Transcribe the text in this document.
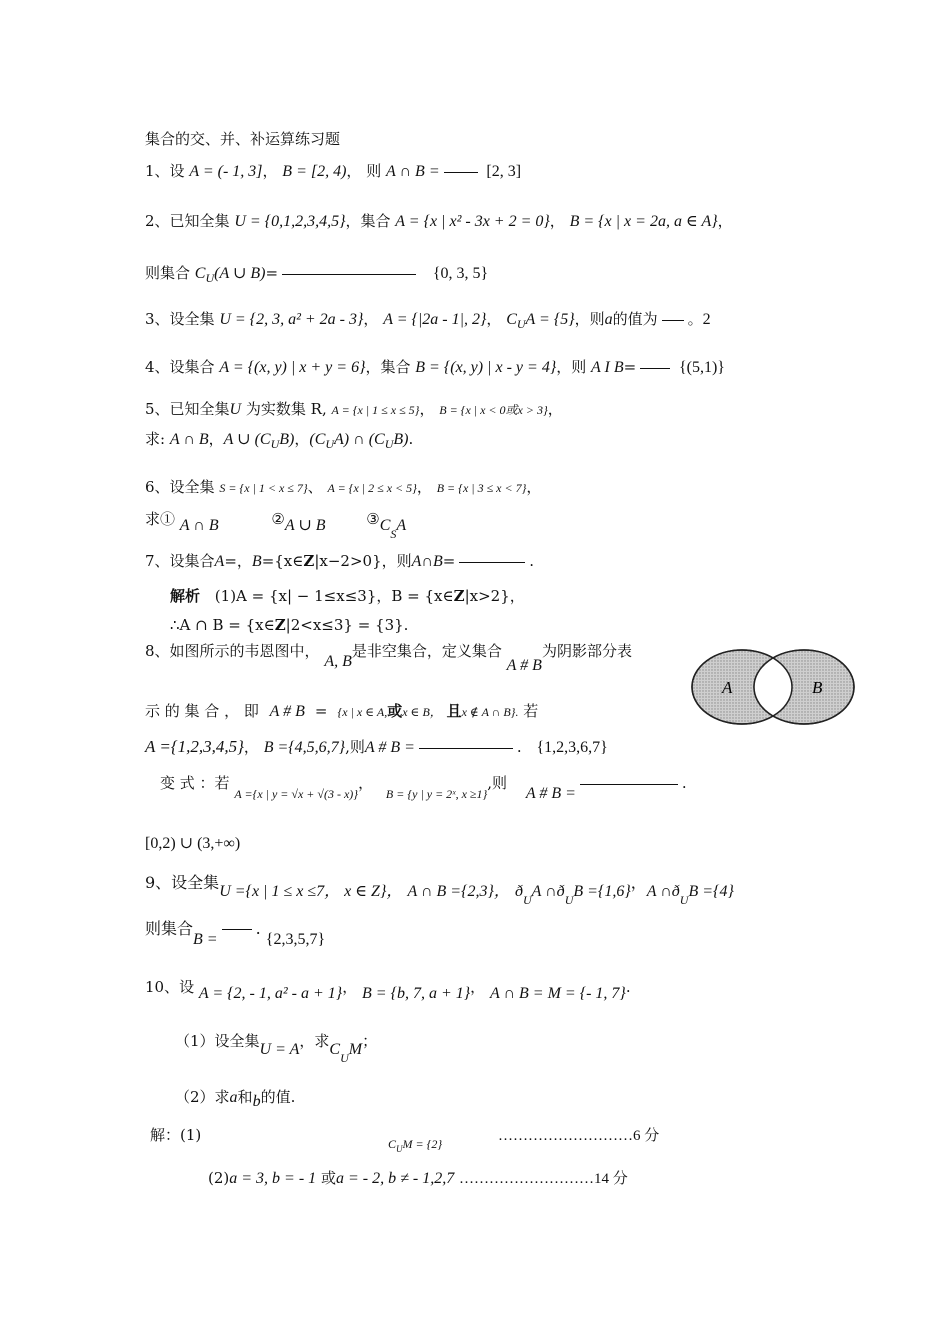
集合的交、并、补运算练习题
1、设 A = (- 1, 3]， B = [2, 4)， 则 A ∩ B =	[2, 3]
2、已知全集 U = {0,1,2,3,4,5}，集合 A = {x | x² - 3x + 2 = 0}， B = {x | x = 2a, a ∈ A}，
则集合 $C_U(A$ ∪ B)=	{0, 3, 5}
3、设全集 U = {2, 3, a² + 2a - 3}， A = {|2a - 1|, 2}， $C_UA = \{5\}$，则a的值为 。2
4、设集合 A = {(x, y) | x + y = 6}，集合 B = {(x, y) | x - y = 4}，则 A I B=	{(5,1)}
5、已知全集U 为实数集 R, A = {x | 1 ≤ x ≤ 5}， B = {x | x < 0或x > 3}，
求: A ∩ B，A ∪ $(C_UB)$，$(C_UA)$ ∩ $(C_UB)$.
6、设全集 S = {x | 1 < x ≤ 7}、 A = {x | 2 ≤ x < 5}， B = {x | 3 ≤ x < 7}，
求① A ∩ B	②A ∪ B	$③C_SA$
7、设集合A=，B={x∈Z|x−2>0}，则A∩B=	.
解析 (1)A = {x| − 1≤x≤3}，B = {x∈Z|x>2}，
∴A ∩ B = {x∈Z|2<x≤3} = {3}.
8、如图所示的韦恩图中， A, B是非空集合，定义集合 A # B为阴影部分表
A	B
示 的 集 合 ， 即 A # B = {x | x ∈ A,或x ∈ B， 且x ∉ A ∩ B}. 若
A ={1,2,3,4,5}， B ={4,5,6,7},则A # B =	. {1,2,3,6,7}
变 式 ：若 $_{A =\{x | y = √x + √(3 - x)\}}$， $_{B = \{y | y = 2ˣ, x \ge 1\}}$,则 A # B =.
[0,2) ∪ (3,+∞)
9、设全集U ={x | 1 ≤ x ≤7， x ∈ Z}， A ∩ B ={2,3}， $ð_UA$ $\cap ð_UB =\{1,6\}$，A $\cap ð_UB =\{4\}$
则集合B =. {2,3,5,7}
10、设 A = {2, - 1, a² - a + 1}， B = {b, 7, a + 1}， A ∩ B = M = {- 1, 7}.
（1）设全集U = A，求$C_UM$；
（2）求a和b的值.
解：(1)	$C_UM = \{2\}$	………………………6 分
(2)a = 3, b = - 1 或a = - 2, b ≠ - 1,2,7 ………………………14 分
